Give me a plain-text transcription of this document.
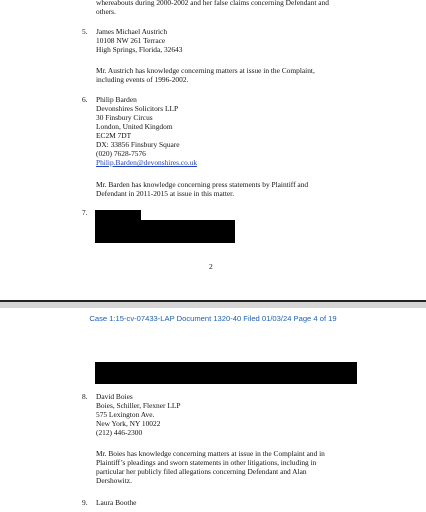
whereabouts during 2000-2002 and her false claims concerning Defendant and
others.
5. James Michael Austrich
10108 NW 261 Terrace
High Springs, Florida, 32643
Mr. Austrich has knowledge concerning matters at issue in the Complaint,
including events of 1996-2002.
6. Philip Barden
Devonshires Solicitors LLP
30 Finsbury Circus
London, United Kingdom
EC2M 7DT
DX: 33856 Finsbury Square
(020) 7628-7576
Philip.Barden@devonshires.co.uk
Mr. Barden has knowledge concerning press statements by Plaintiff and
Defendant in 2011-2015 at issue in this matter.
7.
2
Case 1:15-cv-07433-LAP Document 1320-40 Filed 01/03/24 Page 4 of 19
8. David Boies
Boies, Schiller, Flexner LLP
575 Lexington Ave.
New York, NY 10022
(212) 446-2300
Mr. Boies has knowledge concerning matters at issue in the Complaint and in
Plaintiff’s pleadings and sworn statements in other litigations, including in
particular her publicly filed allegations concerning Defendant and Alan
Dershowitz.
9. Laura Boothe
